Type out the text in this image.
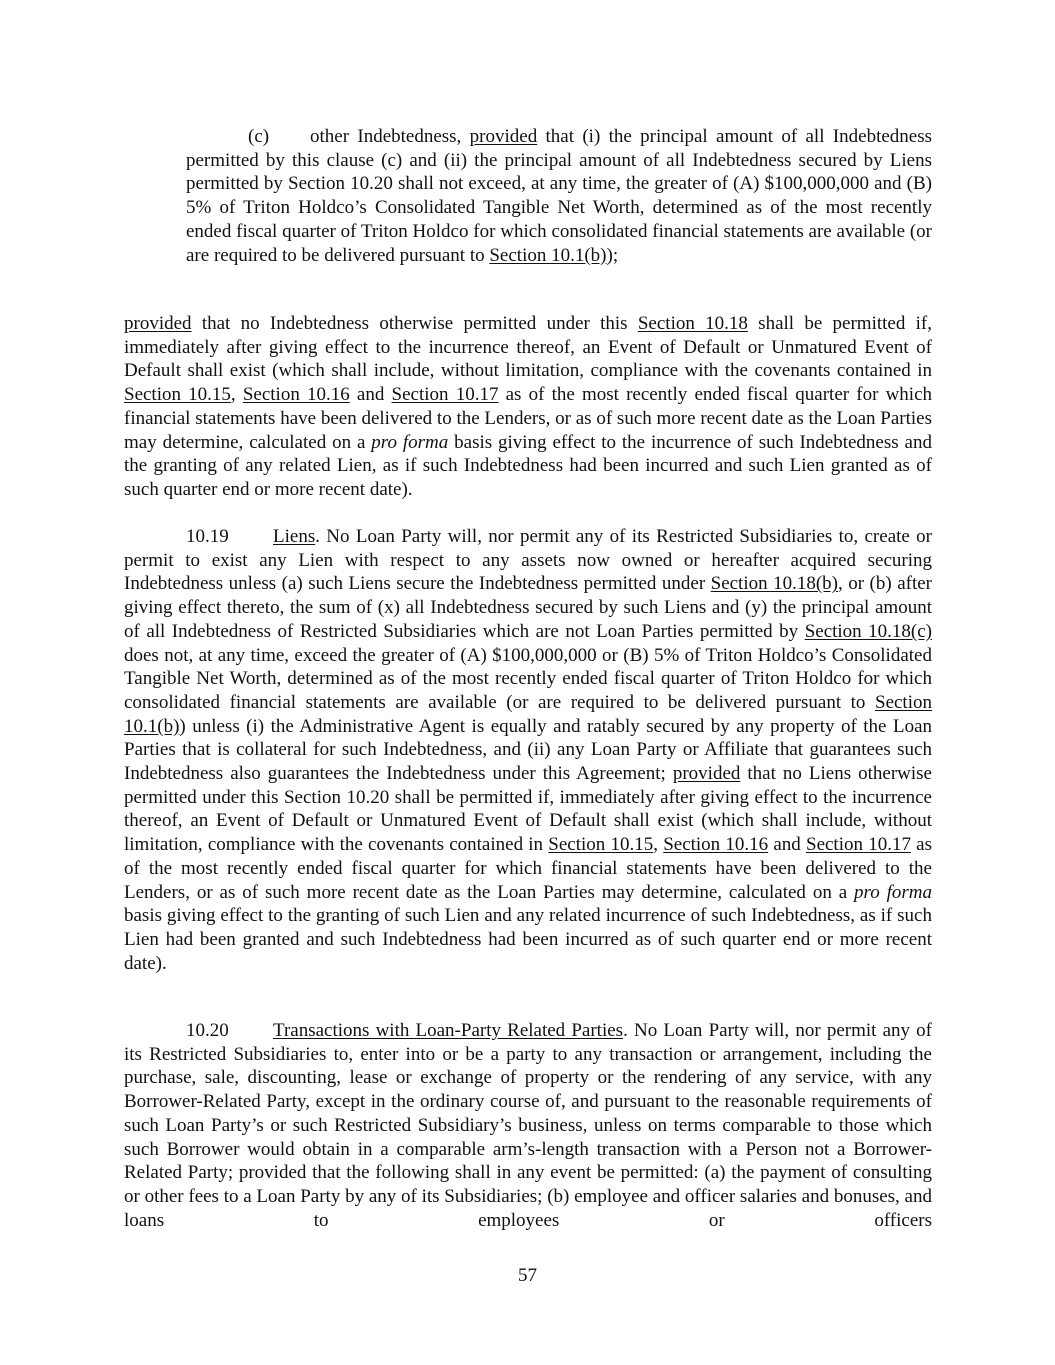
(c) other Indebtedness, provided that (i) the principal amount of all Indebtedness permitted by this clause (c) and (ii) the principal amount of all Indebtedness secured by Liens permitted by Section 10.20 shall not exceed, at any time, the greater of (A) $100,000,000 and (B) 5% of Triton Holdco’s Consolidated Tangible Net Worth, determined as of the most recently ended fiscal quarter of Triton Holdco for which consolidated financial statements are available (or are required to be delivered pursuant to Section 10.1(b));

provided that no Indebtedness otherwise permitted under this Section 10.18 shall be permitted if, immediately after giving effect to the incurrence thereof, an Event of Default or Unmatured Event of Default shall exist (which shall include, without limitation, compliance with the covenants contained in Section 10.15, Section 10.16 and Section 10.17 as of the most recently ended fiscal quarter for which financial statements have been delivered to the Lenders, or as of such more recent date as the Loan Parties may determine, calculated on a pro forma basis giving effect to the incurrence of such Indebtedness and the granting of any related Lien, as if such Indebtedness had been incurred and such Lien granted as of such quarter end or more recent date).

10.19 Liens. No Loan Party will, nor permit any of its Restricted Subsidiaries to, create or permit to exist any Lien with respect to any assets now owned or hereafter acquired securing Indebtedness unless (a) such Liens secure the Indebtedness permitted under Section 10.18(b), or (b) after giving effect thereto, the sum of (x) all Indebtedness secured by such Liens and (y) the principal amount of all Indebtedness of Restricted Subsidiaries which are not Loan Parties permitted by Section 10.18(c) does not, at any time, exceed the greater of (A) $100,000,000 or (B) 5% of Triton Holdco’s Consolidated Tangible Net Worth, determined as of the most recently ended fiscal quarter of Triton Holdco for which consolidated financial statements are available (or are required to be delivered pursuant to Section 10.1(b)) unless (i) the Administrative Agent is equally and ratably secured by any property of the Loan Parties that is collateral for such Indebtedness, and (ii) any Loan Party or Affiliate that guarantees such Indebtedness also guarantees the Indebtedness under this Agreement; provided that no Liens otherwise permitted under this Section 10.20 shall be permitted if, immediately after giving effect to the incurrence thereof, an Event of Default or Unmatured Event of Default shall exist (which shall include, without limitation, compliance with the covenants contained in Section 10.15, Section 10.16 and Section 10.17 as of the most recently ended fiscal quarter for which financial statements have been delivered to the Lenders, or as of such more recent date as the Loan Parties may determine, calculated on a pro forma basis giving effect to the granting of such Lien and any related incurrence of such Indebtedness, as if such Lien had been granted and such Indebtedness had been incurred as of such quarter end or more recent date).

10.20 Transactions with Loan-Party Related Parties. No Loan Party will, nor permit any of its Restricted Subsidiaries to, enter into or be a party to any transaction or arrangement, including the purchase, sale, discounting, lease or exchange of property or the rendering of any service, with any Borrower-Related Party, except in the ordinary course of, and pursuant to the reasonable requirements of such Loan Party’s or such Restricted Subsidiary’s business, unless on terms comparable to those which such Borrower would obtain in a comparable arm’s-length transaction with a Person not a Borrower-Related Party; provided that the following shall in any event be permitted: (a) the payment of consulting or other fees to a Loan Party by any of its Subsidiaries; (b) employee and officer salaries and bonuses, and loans to employees or officers

57
